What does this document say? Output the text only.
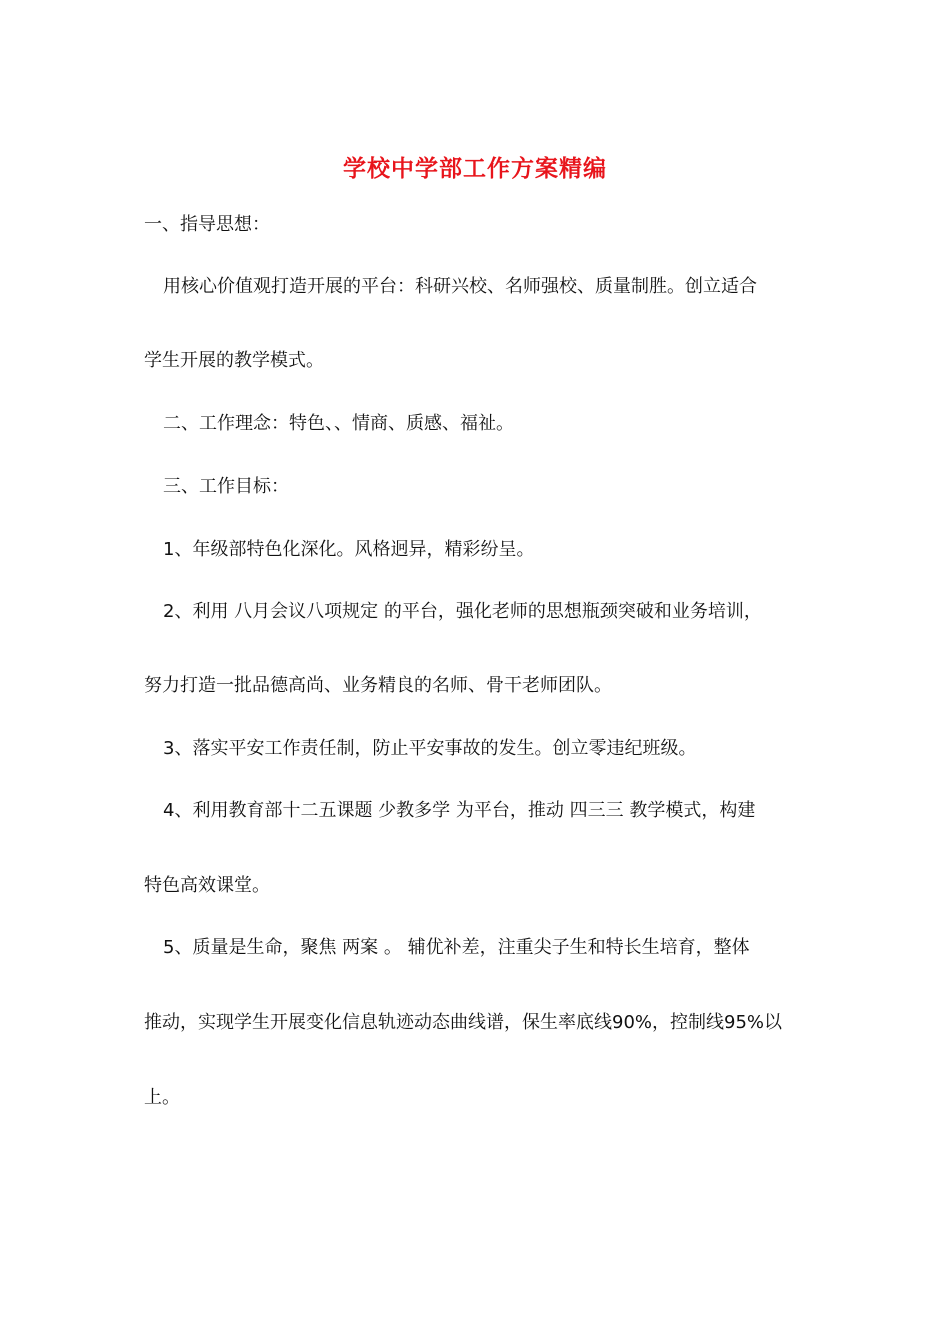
学校中学部工作方案精编
一、指导思想：
用核心价值观打造开展的平台：科研兴校、名师强校、质量制胜。创立适合
学生开展的教学模式。
二、工作理念：特色、、情商、质感、福祉。
三、工作目标：
1、年级部特色化深化。风格迥异，精彩纷呈。
2、利用 八月会议八项规定 的平台，强化老师的思想瓶颈突破和业务培训，
努力打造一批品德高尚、业务精良的名师、骨干老师团队。
3、落实平安工作责任制，防止平安事故的发生。创立零违纪班级。
4、利用教育部十二五课题 少教多学 为平台，推动 四三三 教学模式，构建
特色高效课堂。
5、质量是生命，聚焦 两案 。 辅优补差，注重尖子生和特长生培育，整体
推动，实现学生开展变化信息轨迹动态曲线谱，保生率底线90%，控制线95%以
上。
